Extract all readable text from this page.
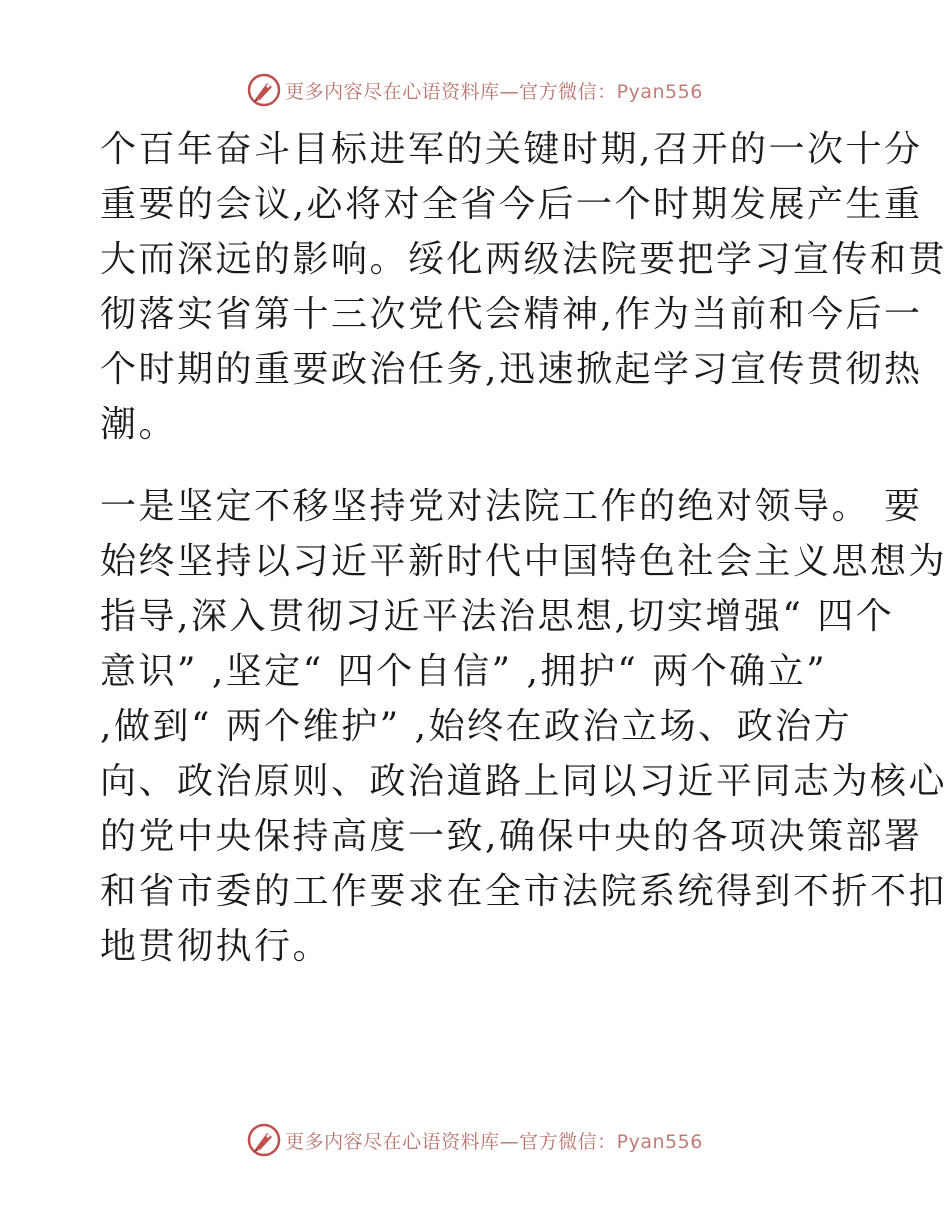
更多内容尽在心语资料库—官方微信：Pyan556

个百年奋斗目标进军的关键时期,召开的一次十分
重要的会议,必将对全省今后一个时期发展产生重
大而深远的影响。绥化两级法院要把学习宣传和贯
彻落实省第十三次党代会精神,作为当前和今后一
个时期的重要政治任务,迅速掀起学习宣传贯彻热
潮。

一是坚定不移坚持党对法院工作的绝对领导。 要
始终坚持以习近平新时代中国特色社会主义思想为
指导,深入贯彻习近平法治思想,切实增强“ 四个
意识” ,坚定“ 四个自信” ,拥护“ 两个确立”
,做到“ 两个维护” ,始终在政治立场、政治方
向、政治原则、政治道路上同以习近平同志为核心
的党中央保持高度一致,确保中央的各项决策部署
和省市委的工作要求在全市法院系统得到不折不扣
地贯彻执行。

更多内容尽在心语资料库—官方微信：Pyan556
